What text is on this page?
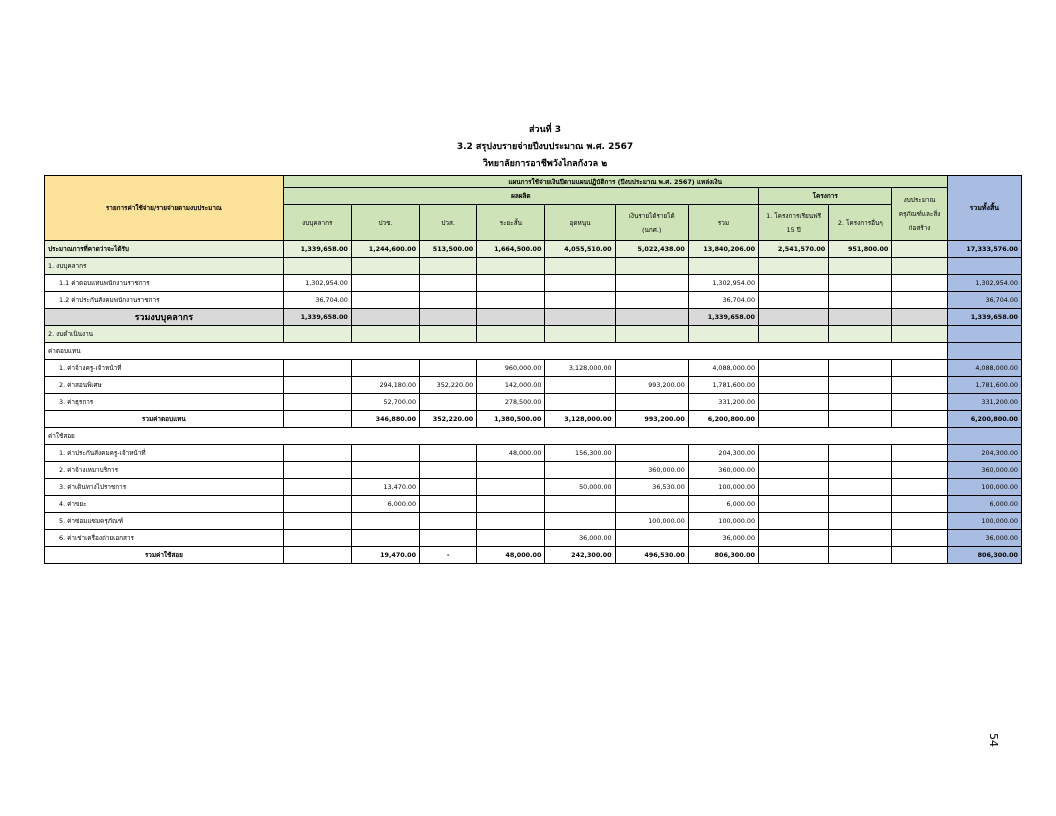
ส่วนที่ 3
3.2 สรุปงบรายจ่ายปีงบประมาณ พ.ศ. 2567
วิทยาลัยการอาชีพวังไกลกังวล ๒
รายการค่าใช้จ่าย/รายจ่ายตามงบประมาณ	แผนการใช้จ่ายเงินปีตามแผนปฏิบัติการ (ปีงบประมาณ พ.ศ. 2567) แหล่งเงิน										รวมทั้งสิ้น
	ผลผลิต							โครงการ		งบประมาณ ครุภัณฑ์และสิ่งก่อสร้าง	
	งบบุคลากร	ปวช.	ปวส.	ระยะสั้น	อุดหนุน	เงินรายได้รายได้ (นกศ.)	รวม	1. โครงการเรียนฟรี 15 ปี	2. โครงการอื่นๆ		
ประมาณการที่คาดว่าจะได้รับ	1,339,658.00	1,244,600.00	513,500.00	1,664,500.00	4,055,510.00	5,022,438.00	13,840,206.00	2,541,570.00	951,800.00		17,333,576.00
1. งบบุคลากร											
1.1 ค่าตอบแทนพนักงานราชการ	1,302,954.00						1,302,954.00				1,302,954.00
1.2 ค่าประกันสังคมพนักงานราชการ	36,704.00						36,704.00				36,704.00
รวมงบบุคลากร	1,339,658.00						1,339,658.00				1,339,658.00
2. งบดำเนินงาน											
ค่าตอบแทน											
1. ค่าจ้างครู-เจ้าหน้าที่				960,000.00	3,128,000.00		4,088,000.00				4,088,000.00
2. ค่าสอนพิเศษ		294,180.00	352,220.00	142,000.00		993,200.00	1,781,600.00				1,781,600.00
3. ค่าธุรการ		52,700.00		278,500.00			331,200.00				331,200.00
รวมค่าตอบแทน		346,880.00	352,220.00	1,380,500.00	3,128,000.00	993,200.00	6,200,800.00				6,200,800.00
ค่าใช้สอย											
1. ค่าประกันสังคมครู-เจ้าหน้าที่				48,000.00	156,300.00		204,300.00				204,300.00
2. ค่าจ้างเหมาบริการ						360,000.00	360,000.00				360,000.00
3. ค่าเดินทางไปราชการ		13,470.00			50,000.00	36,530.00	100,000.00				100,000.00
4. ค่าขยะ		6,000.00					6,000.00				6,000.00
5. ค่าซ่อมแซมครุภัณฑ์						100,000.00	100,000.00				100,000.00
6. ค่าเช่าเครื่องถ่ายเอกสาร					36,000.00		36,000.00				36,000.00
รวมค่าใช้สอย		19,470.00	-	48,000.00	242,300.00	496,530.00	806,300.00				806,300.00
54
